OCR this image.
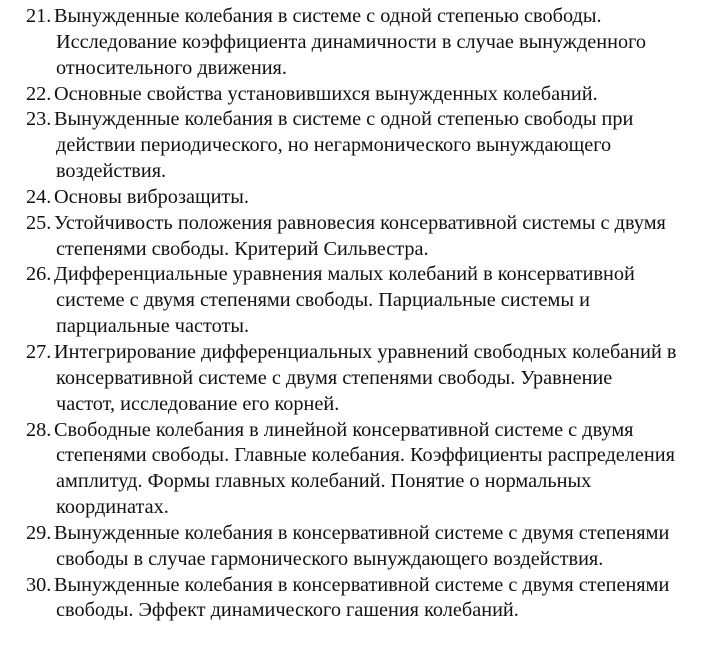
21. Вынужденные колебания в системе с одной степенью свободы.
Исследование коэффициента динамичности в случае вынужденного
относительного движения.
22. Основные свойства установившихся вынужденных колебаний.
23. Вынужденные колебания в системе с одной степенью свободы при
действии периодического, но негармонического вынуждающего
воздействия.
24. Основы виброзащиты.
25. Устойчивость положения равновесия консервативной системы с двумя
степенями свободы. Критерий Сильвестра.
26. Дифференциальные уравнения малых колебаний в консервативной
системе с двумя степенями свободы. Парциальные системы и
парциальные частоты.
27. Интегрирование дифференциальных уравнений свободных колебаний в
консервативной системе с двумя степенями свободы. Уравнение
частот, исследование его корней.
28. Свободные колебания в линейной консервативной системе с двумя
степенями свободы. Главные колебания. Коэффициенты распределения
амплитуд. Формы главных колебаний. Понятие о нормальных
координатах.
29. Вынужденные колебания в консервативной системе с двумя степенями
свободы в случае гармонического вынуждающего воздействия.
30. Вынужденные колебания в консервативной системе с двумя степенями
свободы. Эффект динамического гашения колебаний.
